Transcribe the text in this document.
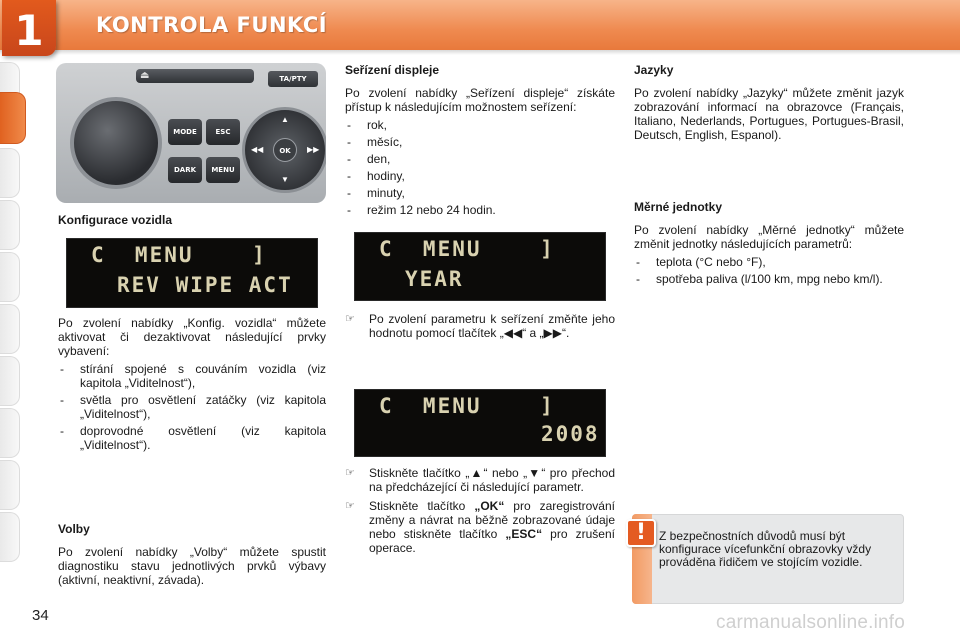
1	KONTROLA FUNKCÍ
⏏	TA/PTY
MODE
DARK
ESC
MENU
▲
▼
◀◀	▶▶
OK
Konfigurace vozidla
C  MENU    ]
REV WIPE ACT

Po zvolení nabídky „Konfig. vozidla“ můžete aktivovat či dezaktivovat následující prvky vybavení:

- stírání spojené s couváním vozidla (viz kapitola „Viditelnost“),
- světla pro osvětlení zatáčky (viz kapitola „Viditelnost“),
- doprovodné osvětlení (viz kapitola „Viditelnost“).
Volby

Po zvolení nabídky „Volby“ můžete spustit diagnostiku stavu jednotlivých prvků výbavy (aktivní, neaktivní, závada).

Seřízení displeje

Po zvolení nabídky „Seřízení displeje“ získáte přístup k následujícím možnostem seřízení:

- rok,
- měsíc,
- den,
- hodiny,
- minuty,
- režim 12 nebo 24 hodin.
C  MENU    ]
YEAR
☞ Po zvolení parametru k seřízení změňte jeho hodnotu pomocí tlačítek „◀◀“ a „▶▶“.
C  MENU    ]
2008
☞ Stiskněte tlačítko „▲“ nebo „▼“ pro přechod na předcházející či následující parametr.
☞ Stiskněte tlačítko „OK“ pro zaregistrování změny a návrat na běžně zobrazované údaje nebo stiskněte tlačítko „ESC“ pro zrušení operace.
Jazyky

Po zvolení nabídky „Jazyky“ můžete změnit jazyk zobrazování informací na obrazovce (Français, Italiano, Nederlands, Portugues, Portugues-Brasil, Deutsch, English, Espanol).

Měrné jednotky

Po zvolení nabídky „Měrné jednotky“ můžete změnit jednotky následujících parametrů:

- teplota (°C nebo °F),
- spotřeba paliva (l/100 km, mpg nebo km/l).
!	Z bezpečnostních důvodů musí být konfigurace vícefunkční obrazovky vždy prováděna řidičem ve stojícím vozidle.
34	carmanualsonline.info
